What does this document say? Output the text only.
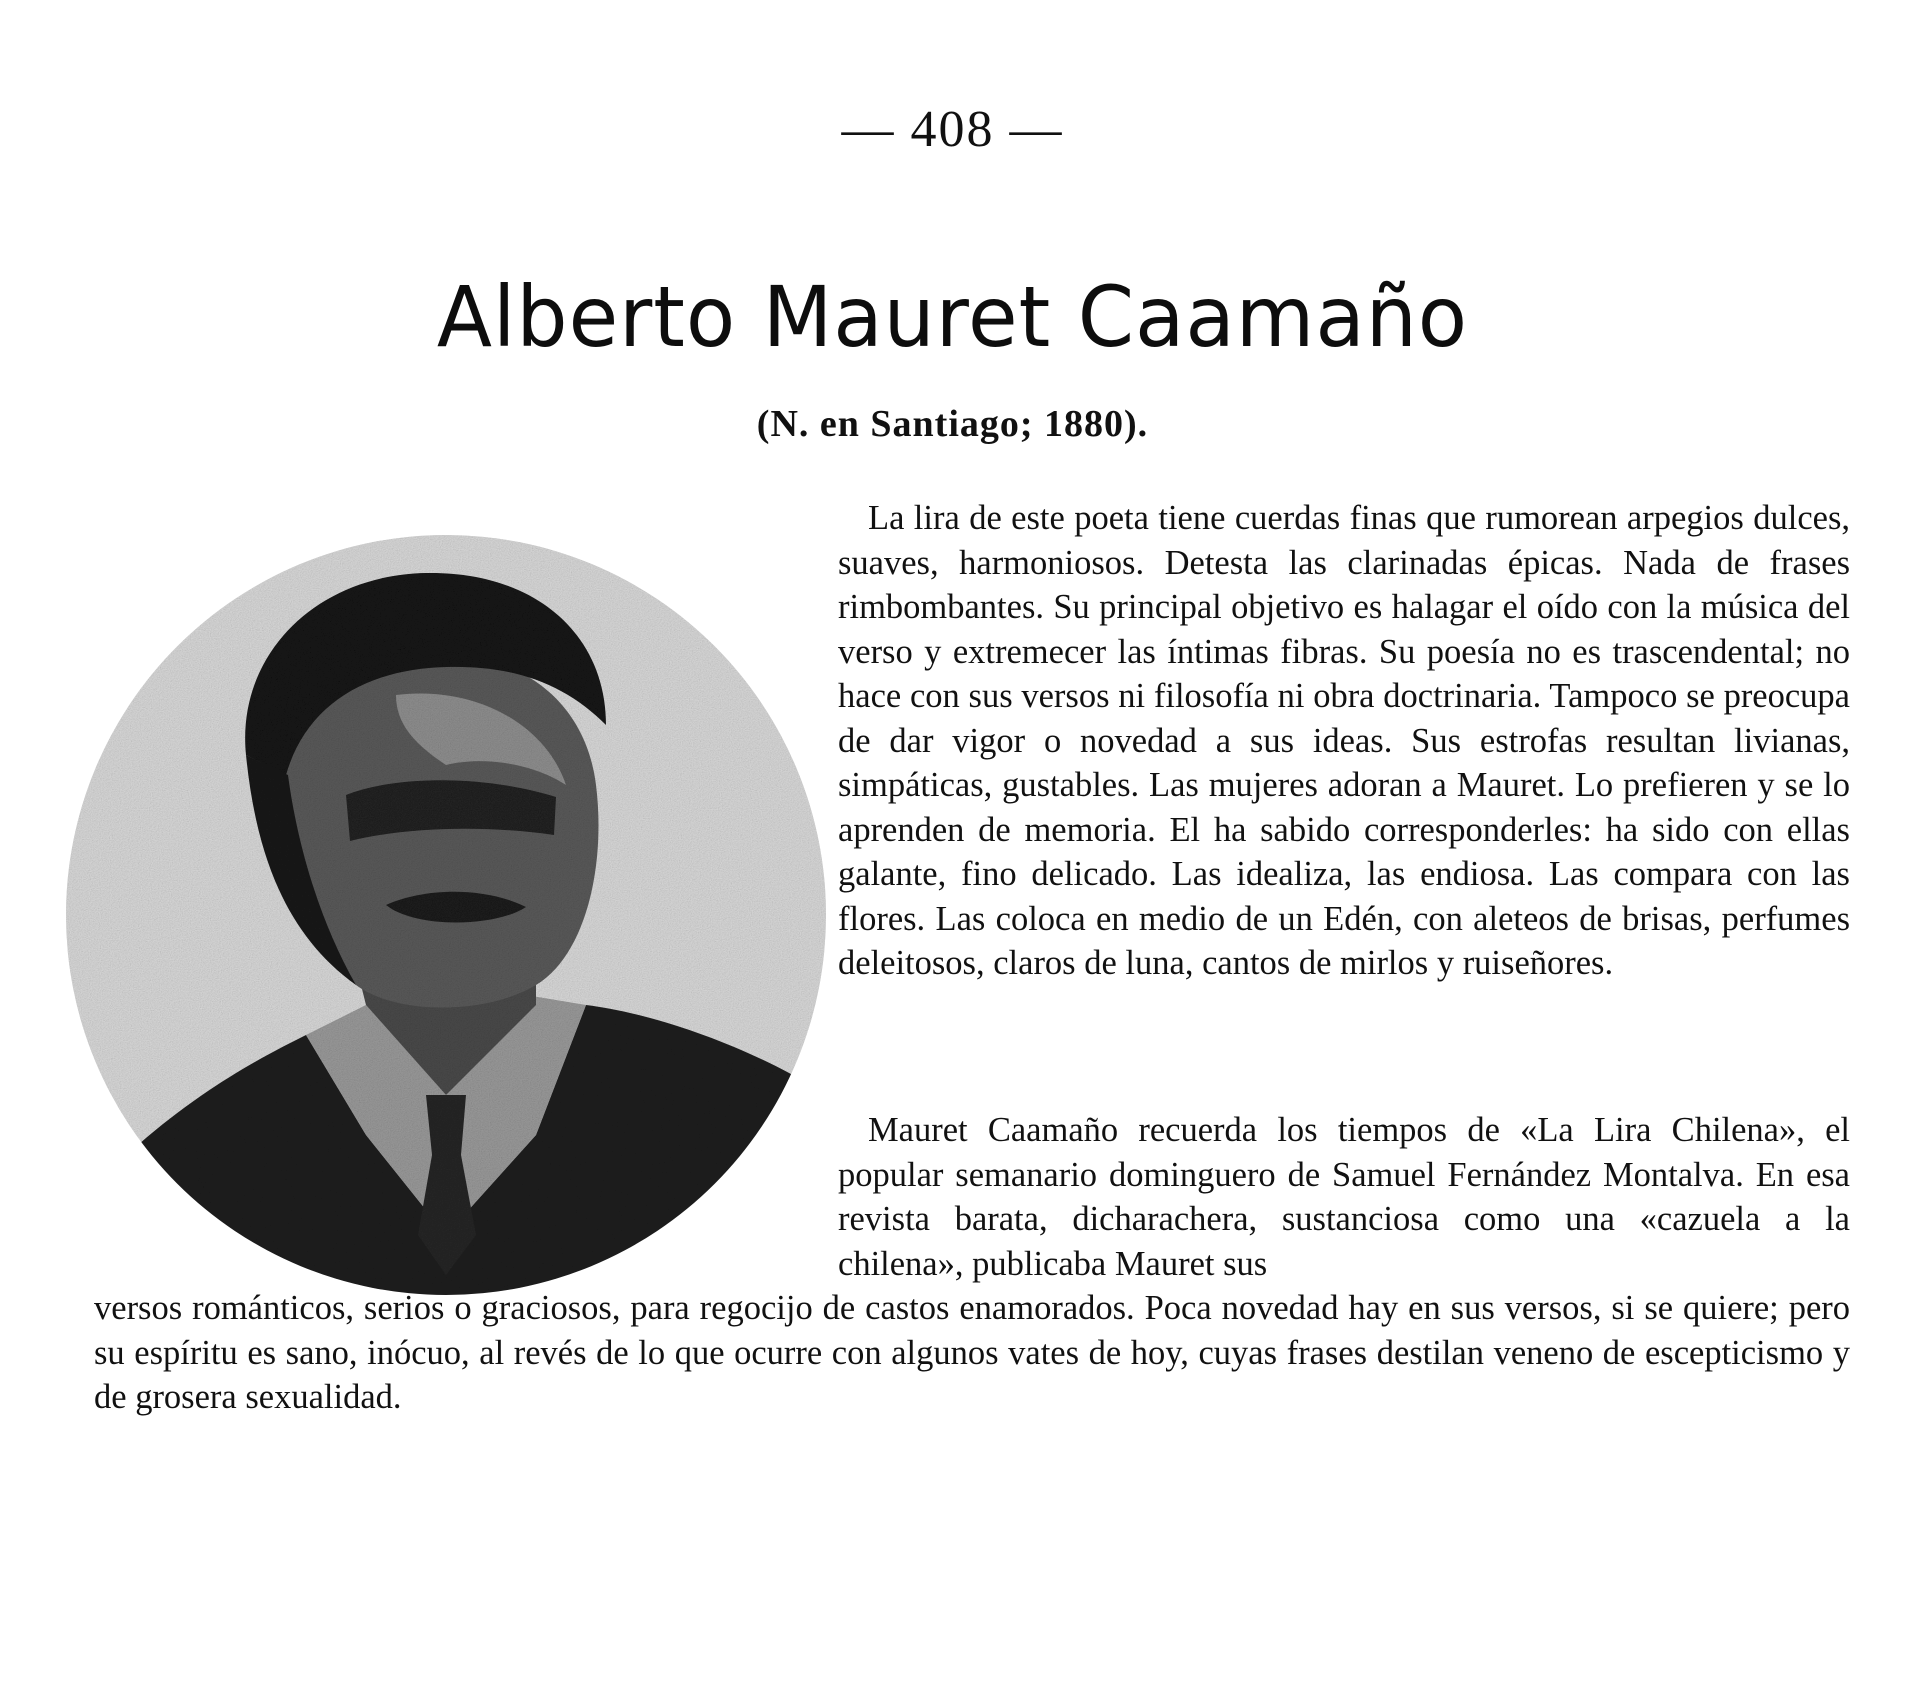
— 408 —
Alberto Mauret Caamaño
(N. en Santiago; 1880).

La lira de este poeta tiene cuerdas finas que rumorean arpegios dulces, suaves, harmoniosos. Detesta las clarinadas épicas. Nada de frases rimbombantes. Su principal objetivo es halagar el oído con la música del verso y extremecer las íntimas fibras. Su poesía no es trascendental; no hace con sus versos ni filosofía ni obra doctrinaria. Tampoco se preocupa de dar vigor o novedad a sus ideas. Sus estrofas resultan livianas, simpáticas, gustables. Las mujeres adoran a Mauret. Lo prefieren y se lo aprenden de memoria. El ha sabido corresponderles: ha sido con ellas galante, fino delicado. Las idealiza, las endiosa. Las compara con las flores. Las coloca en medio de un Edén, con aleteos de brisas, perfumes deleitosos, claros de luna, cantos de mirlos y ruiseñores.

Mauret Caamaño recuerda los tiempos de «La Lira Chilena», el popular semanario dominguero de Samuel Fernández Montalva. En esa revista barata, dicharachera, sustanciosa como una «cazuela a la chilena», publicaba Mauret sus

versos románticos, serios o graciosos, para regocijo de castos enamorados. Poca novedad hay en sus versos, si se quiere; pero su espíritu es sano, inócuo, al revés de lo que ocurre con algunos vates de hoy, cuyas frases destilan veneno de escepticismo y de grosera sexualidad.
